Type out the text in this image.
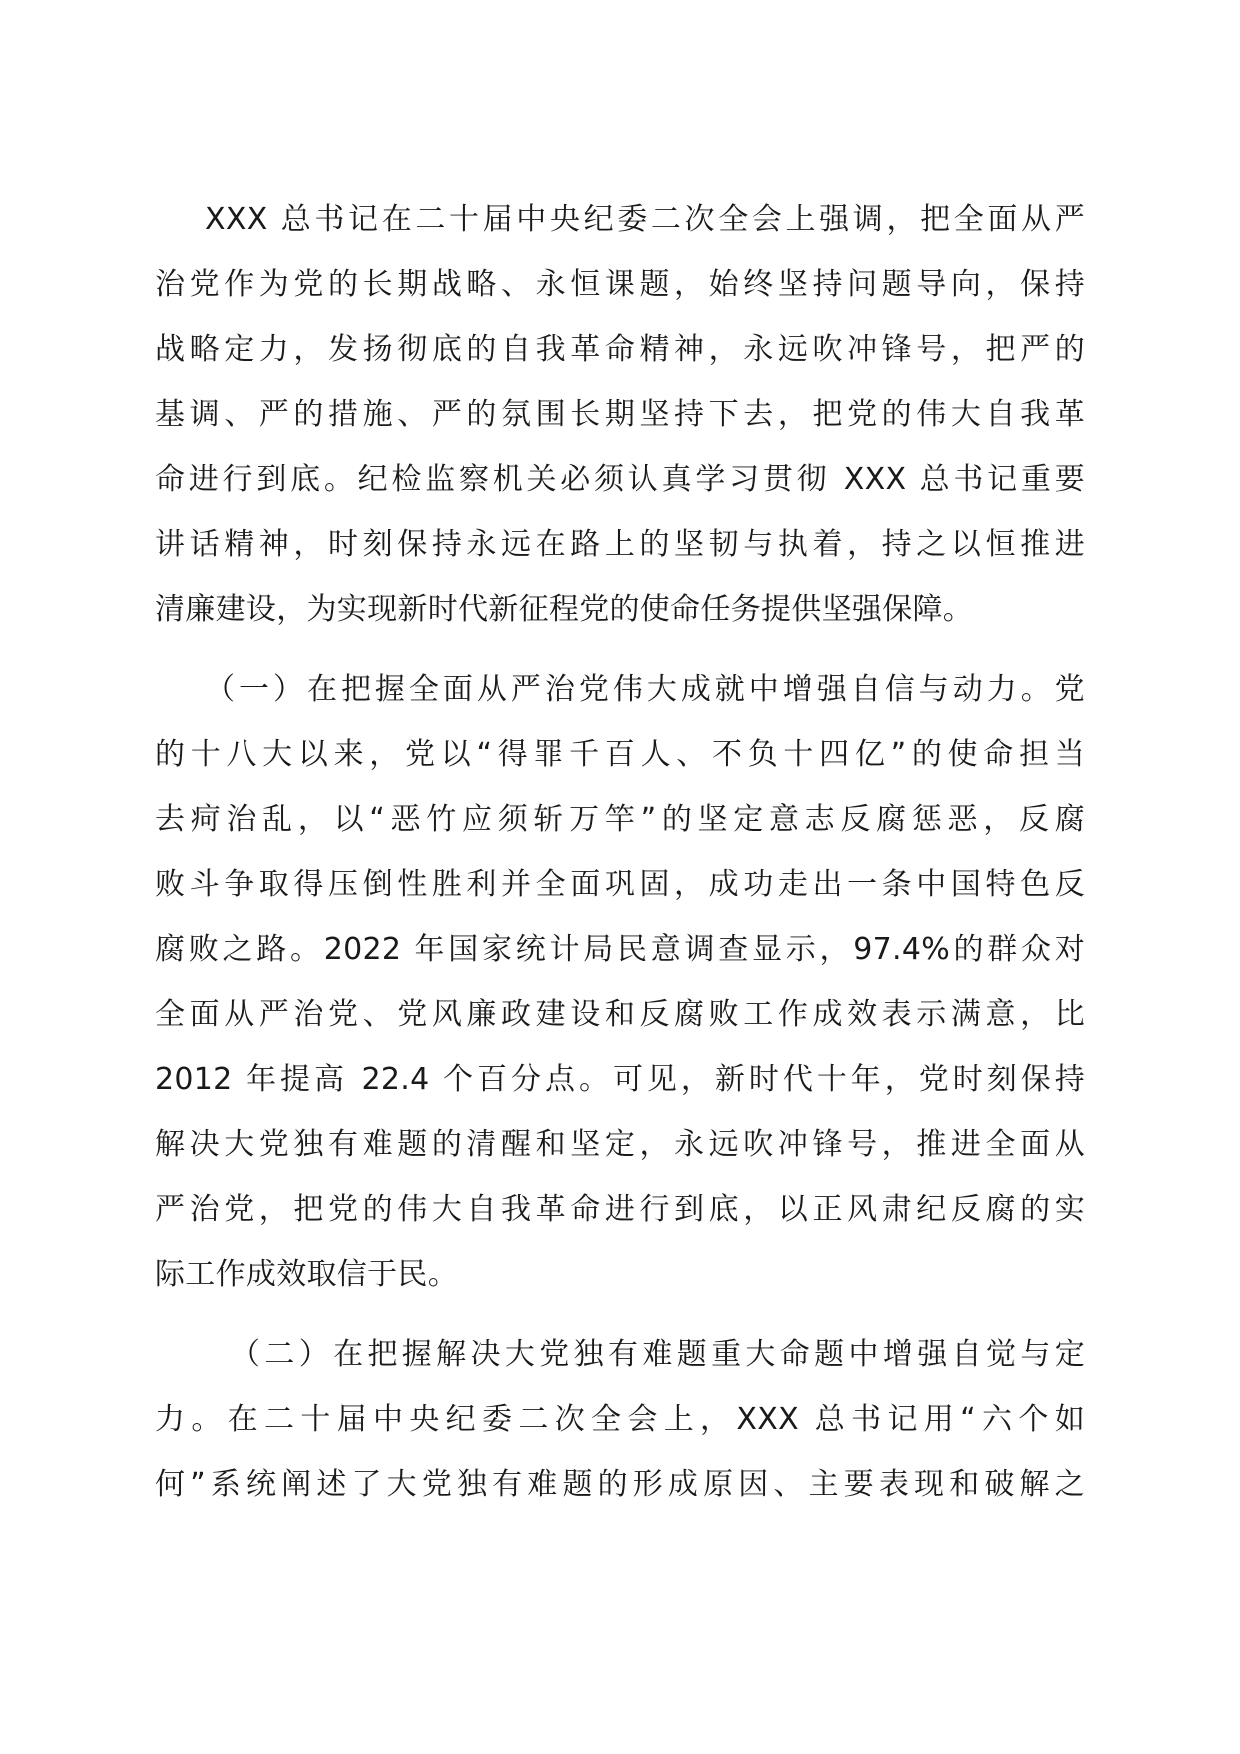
XXX 总书记在二十届中央纪委二次全会上强调，把全面从严
治党作为党的长期战略、永恒课题，始终坚持问题导向，保持
战略定力，发扬彻底的自我革命精神，永远吹冲锋号，把严的
基调、严的措施、严的氛围长期坚持下去，把党的伟大自我革
命进行到底。纪检监察机关必须认真学习贯彻 XXX 总书记重要
讲话精神，时刻保持永远在路上的坚韧与执着，持之以恒推进
清廉建设，为实现新时代新征程党的使命任务提供坚强保障。
（一）在把握全面从严治党伟大成就中增强自信与动力。党
的十八大以来，党以“得罪千百人、不负十四亿”的使命担当
去疴治乱，以“恶竹应须斩万竿”的坚定意志反腐惩恶，反腐
败斗争取得压倒性胜利并全面巩固，成功走出一条中国特色反
腐败之路。2022 年国家统计局民意调查显示，97.4%的群众对
全面从严治党、党风廉政建设和反腐败工作成效表示满意，比
2012 年提高 22.4 个百分点。可见，新时代十年，党时刻保持
解决大党独有难题的清醒和坚定，永远吹冲锋号，推进全面从
严治党，把党的伟大自我革命进行到底，以正风肃纪反腐的实
际工作成效取信于民。
（二）在把握解决大党独有难题重大命题中增强自觉与定
力。在二十届中央纪委二次全会上，XXX 总书记用“六个如
何”系统阐述了大党独有难题的形成原因、主要表现和破解之
